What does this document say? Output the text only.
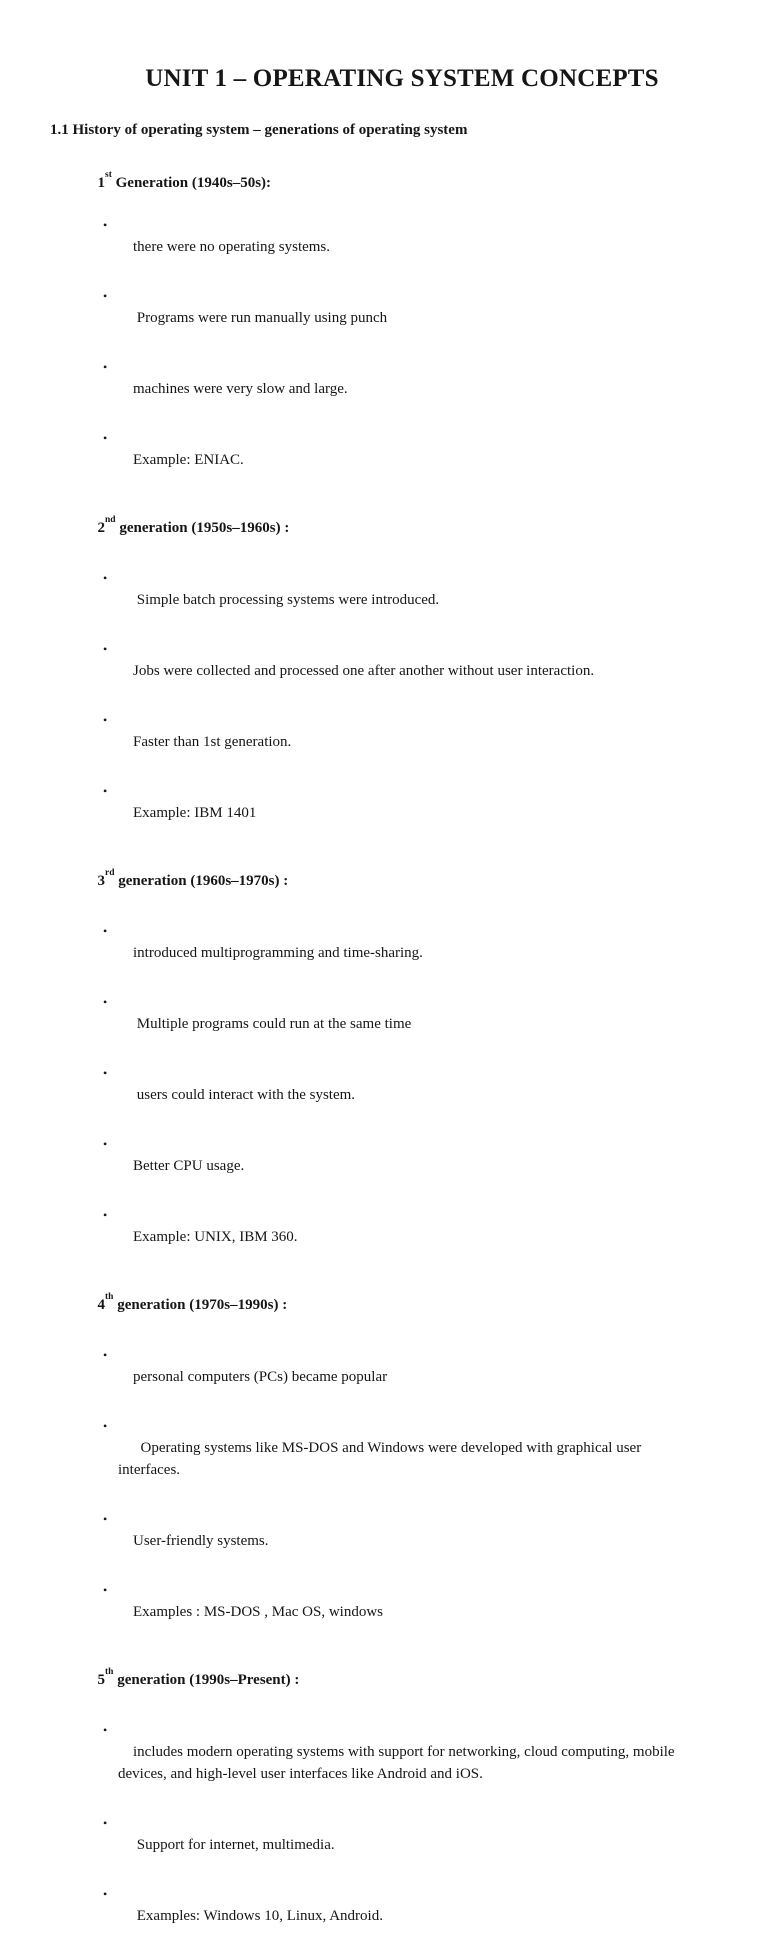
UNIT 1 – OPERATING SYSTEM CONCEPTS
1.1 History of operating system – generations of operating system

1st Generation (1940s–50s):

•
there were no operating systems.

•
Programs were run manually using punch

•
machines were very slow and large.

•
Example: ENIAC.

2nd generation (1950s–1960s) :

•
Simple batch processing systems were introduced.

•
Jobs were collected and processed one after another without user interaction.

•
Faster than 1st generation.

•
Example: IBM 1401

3rd generation (1960s–1970s) :

•
introduced multiprogramming and time-sharing.

•
Multiple programs could run at the same time

•
users could interact with the system.

•
Better CPU usage.

•
Example: UNIX, IBM 360.

4th generation (1970s–1990s) :

•
personal computers (PCs) became popular

•
Operating systems like MS-DOS and Windows were developed with graphical user interfaces.

•
User-friendly systems.

•
Examples : MS-DOS , Mac OS, windows

5th generation (1990s–Present) :

•
includes modern operating systems with support for networking, cloud computing, mobile devices, and high-level user interfaces like Android and iOS.

•
Support for internet, multimedia.

•
Examples: Windows 10, Linux, Android.
